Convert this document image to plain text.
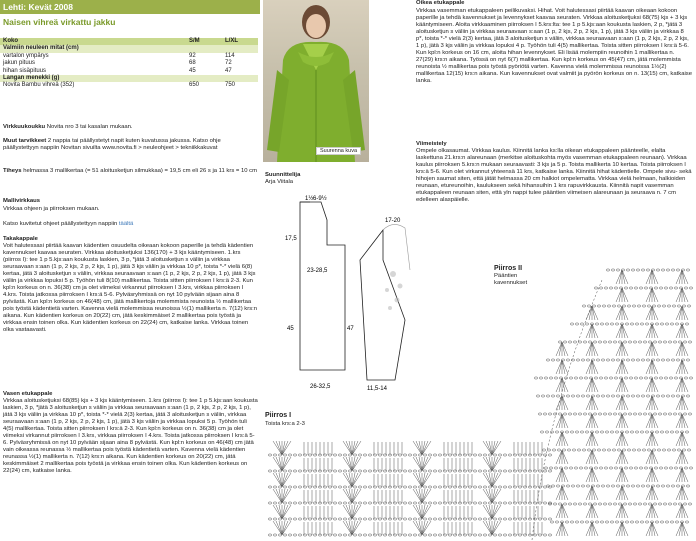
Lehti: Kevät 2008
Naisen vihreä virkattu jakku
Koko	S/M	L/XL
Valmiin neuleen mitat (cm)		
vartalon ympärys	92	114
jakun pituus	68	72
hihan sisäpituus	45	47
Langan menekki (g)		
Novita Bambu vihreä (352)	650	750
Virkkuukoukku Novita nro 3 tai kasalan mukaan.
Muut tarvikkeet 2 nappia tai päällystetyt napit kuten kuvatussa jakussa. Katso ohje päällystettyyn nappiin Novitan sivuilta www.novita.fi > neuleohjeet > tekniikkakuvat
Tiheys helmassa 3 mallikertaa (= 51 aloitusketjun silmukkaa) = 19,5 cm eli 26 s ja 11 krs = 10 cm
Mallivirkkaus
Virkkaa ohjeen ja piirroksen mukaan.
Katso kuvitetut ohjeet päällystettyyn nappiin täältä
Takakappale
Voit halutessasi piirtää kaavan kädentien osuudelta oikeaan kokoon paperille ja tehdä kädentien kavennukset kaavaa seuraten. Virkkaa aloitusketjuksi 136(170) + 3 kjs kääntymiseen. 1.krs (piirros I): tee 1 p 5.kjs:aan koukusta laskien, 3 p, *jätä 3 aloitusketjun s väliin ja virkkaa seuraavaan s:aan (1 p, 2 kjs, 2 p, 2 kjs, 1 p), jätä 3 kjs väliin ja virkkaa 10 p*, toista *-* vielä 6(8) kertaa, jätä 3 aloitusketjun s väliin, virkkaa seuraavaan s:aan (1 p, 2 kjs, 2 p, 2 kjs, 1 p), jätä 3 kjs väliin ja virkkaa lopuksi 5 p. Työhön tuli 8(10) mallikertaa. Toista sitten piirroksen I krs:ä 2-3. Kun kpl:n korkeus on n. 36(38) cm ja olet viimeksi virkannut piirroksen I 3.krs, virkkaa piirroksen I 4.krs. Toista jatkossa piirroksen I krs:ä 5-6. Pylväsryhmissä on nyt 10 pylvään sijaan aina 8 pylvästä. Kun kpl:n korkeus on 46(48) cm, jätä mallikertoja molemmista reunoista ½ mallikertaa pois työstä kädentietä varten. Kavenna vielä molemmissa reunoissa ½(1) mallikerta n. 7(12) krs:n aikana. Kun kädentien korkeus on 20(22) cm, jätä keskimmäiset 2 mallikertaa pois työstä ja virkkaa ensin toinen olka. Kun kädentien korkeus on 22(24) cm, katkaise lanka. Virkkaa toinen olka vastaavasti.
Vasen etukappale
Virkkaa aloitusketjuksi 68(85) kjs + 3 kjs kääntymiseen. 1.krs (piirros I): tee 1 p 5.kjs:aan koukusta laskien, 3 p, *jätä 3 aloitusketjun s väliin ja virkkaa seuraavaan s:aan (1 p, 2 kjs, 2 p, 2 kjs, 1 p), jätä 3 kjs väliin ja virkkaa 10 p*, toista *-* vielä 2(3) kertaa, jätä 3 aloitusketjun s väliin, virkkaa seuraavaan s:aan (1 p, 2 kjs, 2 p, 2 kjs, 1 p), jätä 3 kjs väliin ja virkkaa lopuksi 5 p. Työhön tuli 4(5) mallikertaa. Toista sitten piirroksen I krs:ä 2-3. Kun kpl:n korkeus on n. 36(38) cm ja olet viimeksi virkannut piirroksen I 3.krs, virkkaa piirroksen I 4.krs. Toista jatkossa piirroksen I krs:ä 5-6. Pylväsryhmissä on nyt 10 pylvään sijaan aina 8 pylvästä. Kun kpl:n korkeus on 46(48) cm jätä vain oikeassa reunassa ½ mallikertaa pois työstä kädentietä varten. Kavenna vielä kädentien reunassa ½(1) mallikerta n. 7(12) krs:n aikana. Kun kädentien korkeus on 20(22) cm, jätä keskimmäiset 2 mallikertaa pois työstä ja virkkaa ensin toinen olka. Kun kädentien korkeus on 22(24) cm, katkaise lanka.
Suurenna kuva
Suunnittelija
Arja Viitala
1½ 6-9½
23-28,5
26-32,5
45
17,5
17-20
47
11,5-14
Oikea etukappale
Virkkaa vasemman etukappaleen peilikuvaksi. Hihat. Voit halutessasi piirtää kaavan oikeaan kokoon paperille ja tehdä kavennukset ja levennykset kaavaa seuraten. Virkkaa aloitusketjuksi 68(75) kjs + 3 kjs kääntymiseen. Aloita virkkaaminen piirroksen I 5.krs:lta: tee 1 p 5.kjs:aan koukusta laskien, 2 p, *jätä 3 aloitusketjun s väliin ja virkkaa seuraavaan s:aan (1 p, 2 kjs, 2 p, 2 kjs, 1 p), jätä 3 kjs väliin ja virkkaa 8 p*, toista *-* vielä 2(3) kertaa, jätä 3 aloitusketjun s väliin, virkkaa seuraavaan s:aan (1 p, 2 kjs, 2 p, 2 kjs, 1 p), jätä 3 kjs väliin ja virkkaa lopuksi 4 p. Työhön tuli 4(5) mallikertaa. Toista sitten piirroksen I krs:ä 5-6. Kun kpl:n korkeus on 16 cm, aloita hihan levennykset. Eli lisää molempiin reunoihin 1 mallikertaa n. 27(29) krs:n aikana. Työssä on nyt 6(7) mallikertaa. Kun kpl:n korkeus on 45(47) cm, jätä molemmista reunoista ½ mallikertaa pois työstä pyöriötä varten. Kavenna vielä molemmissa reunoissa 1½(2) mallikertaa 12(15) krs:n aikana. Kun kavennukset ovat valmiit ja pyörön korkeus on n. 13(15) cm, katkaise lanka.
Viimeistely
Ompele olkasaumat. Virkkaa kaulus. Kiinnitä lanka ks:lla oikean etukappaleen päänteelle, elalta laskettuna 21.krs:n alareunaan (merkitse aloituskohta myös vasemman etukappaleen reunaan). Virkkaa kaulus piirroksen 5.krs:n mukaan seuraavasti: 3 kjs ja 5 p. Toista mallikerta 10 kertaa. Toista piirroksen I krs:ä 5-6. Kun olet virkannut yhteensä 11 krs, katkaise lanka. Kiinnitä hihat kädentielle. Ompele sivu- sekä hihojen saumat siten, että jätät helmassa 20 cm halkiot ompelematta. Virkkaa vielä helmaan, halkioiden reunaan, etureunoihin, kaulukseen sekä hihansuihin 1 krs rapuvirkkausta. Kiinnitä napit vasemman etukappaleen reunaan siten, että yln nappi tulee pääntien viimeisen alareunaan ja seuraava n. 7 cm edelleen alaspäielle.
Piirros II
Pääntien
kavennukset
Piirros I
Toista krs:a 2-3
